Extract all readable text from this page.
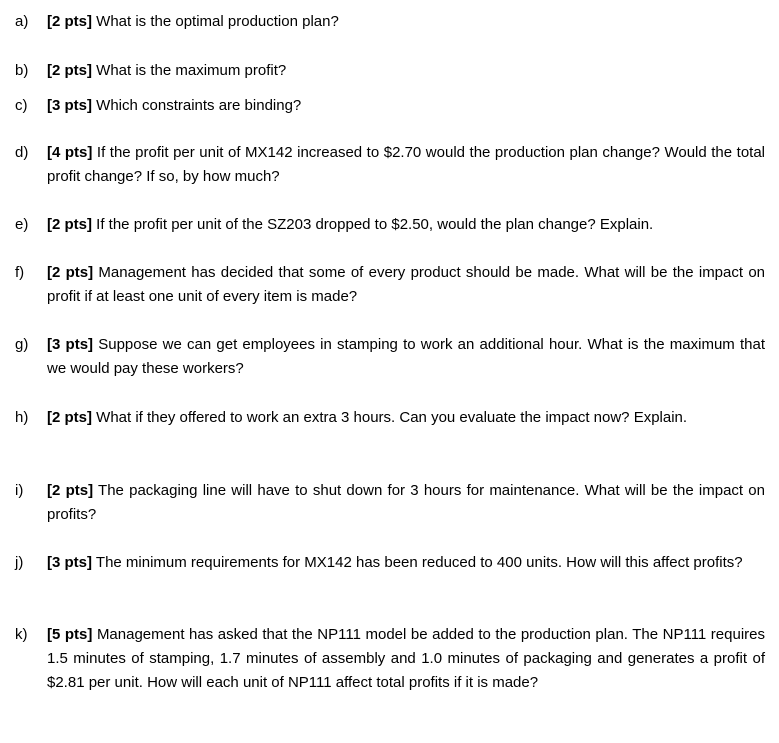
a) [2 pts] What is the optimal production plan?
b) [2 pts] What is the maximum profit?
c) [3 pts] Which constraints are binding?
d) [4 pts] If the profit per unit of MX142 increased to $2.70 would the production plan change? Would the total profit change? If so, by how much?
e) [2 pts] If the profit per unit of the SZ203 dropped to $2.50, would the plan change? Explain.
f) [2 pts] Management has decided that some of every product should be made. What will be the impact on profit if at least one unit of every item is made?
g) [3 pts] Suppose we can get employees in stamping to work an additional hour. What is the maximum that we would pay these workers?
h) [2 pts] What if they offered to work an extra 3 hours. Can you evaluate the impact now? Explain.
i) [2 pts] The packaging line will have to shut down for 3 hours for maintenance. What will be the impact on profits?
j) [3 pts] The minimum requirements for MX142 has been reduced to 400 units. How will this affect profits?
k) [5 pts] Management has asked that the NP111 model be added to the production plan. The NP111 requires 1.5 minutes of stamping, 1.7 minutes of assembly and 1.0 minutes of packaging and generates a profit of $2.81 per unit. How will each unit of NP111 affect total profits if it is made?
